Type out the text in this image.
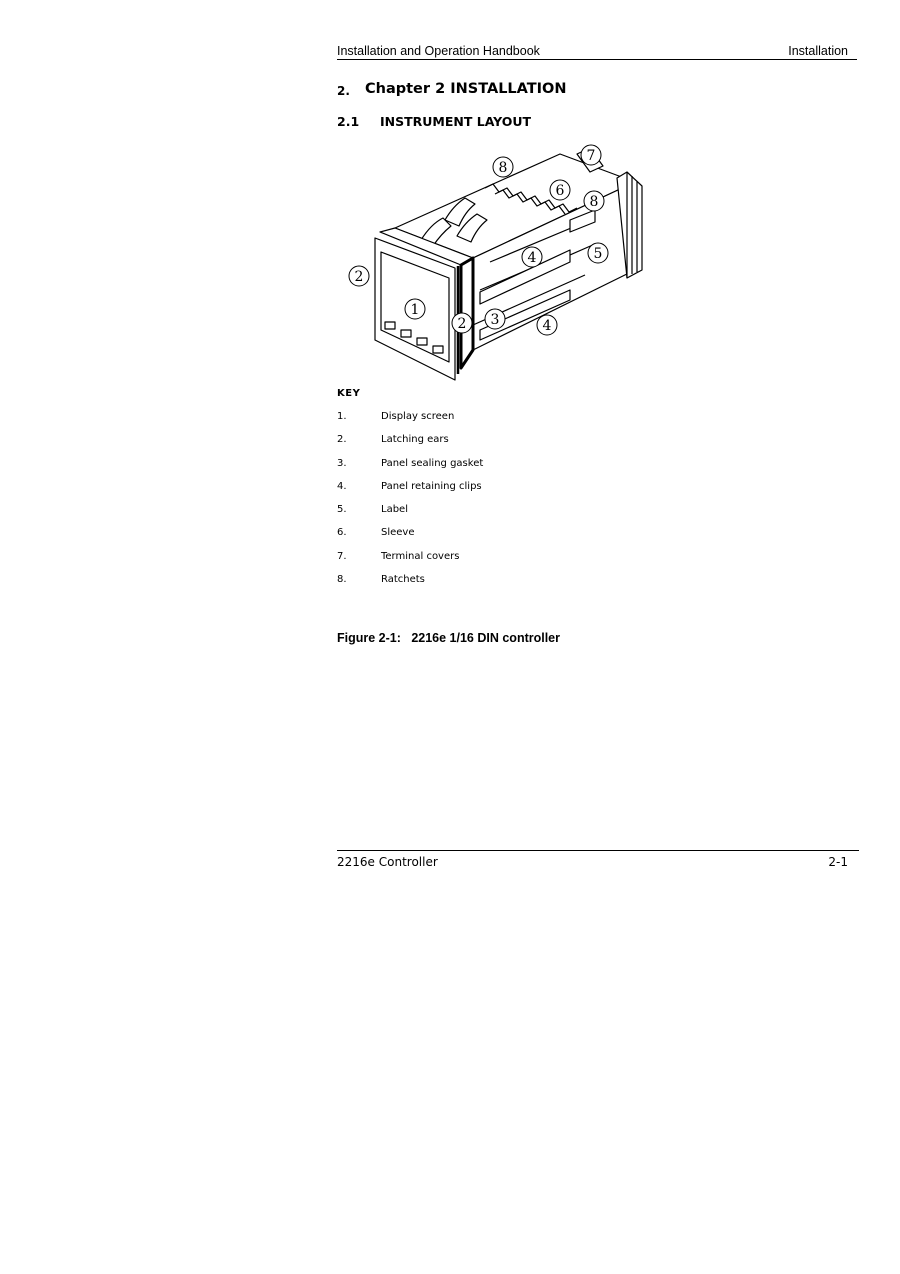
Installation and Operation Handbook	Installation
2. Chapter 2 INSTALLATION
2.1 INSTRUMENT LAYOUT
8
7
6
8
2
1
2 3	4
4	5
KEY
1.	Display screen
2.	Latching ears
3.	Panel sealing gasket
4.	Panel retaining clips
5.	Label
6.	Sleeve
7.	Terminal covers
8.	Ratchets
Figure 2-1:   2216e 1/16 DIN controller
2216e Controller	2-1
